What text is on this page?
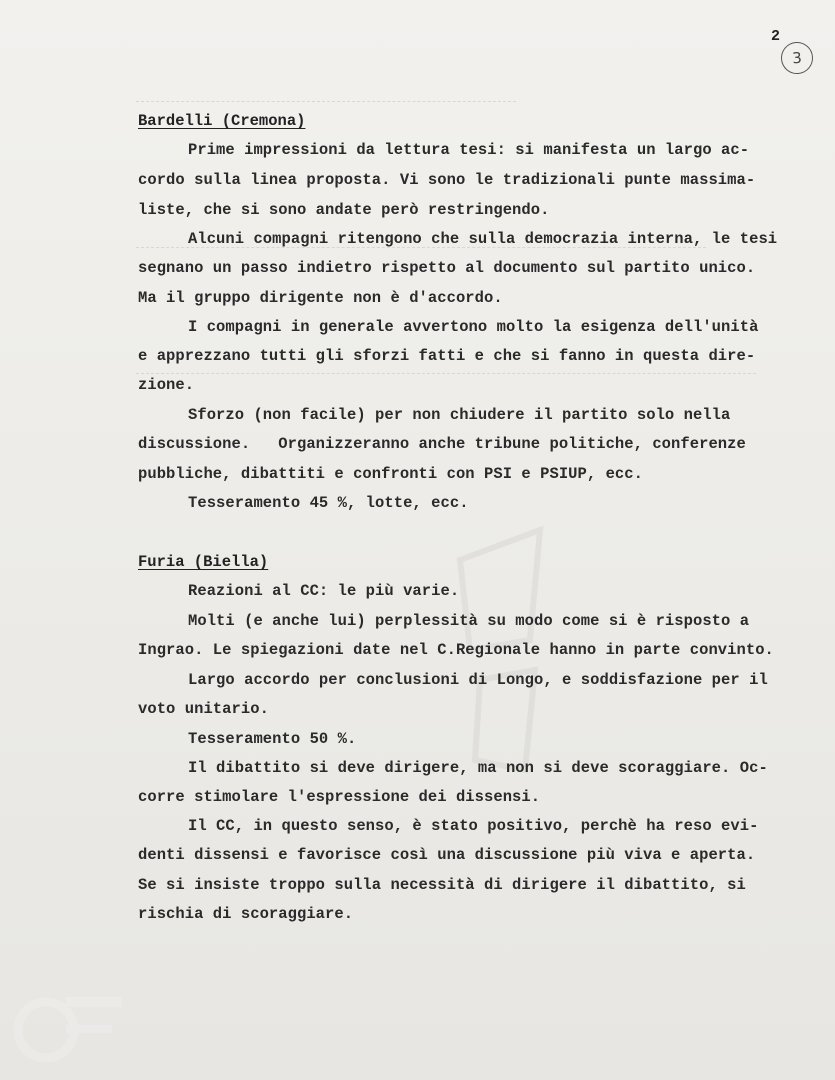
2
3
Bardelli (Cremona)
Prime impressioni da lettura tesi: si manifesta un largo ac-
cordo sulla linea proposta. Vi sono le tradizionali punte massima-
liste, che si sono andate però restringendo.
Alcuni compagni ritengono che sulla democrazia interna, le tesi
segnano un passo indietro rispetto al documento sul partito unico.
Ma il gruppo dirigente non è d'accordo.
I compagni in generale avvertono molto la esigenza dell'unità
e apprezzano tutti gli sforzi fatti e che si fanno in questa dire-
zione.
Sforzo (non facile) per non chiudere il partito solo nella
discussione.   Organizzeranno anche tribune politiche, conferenze
pubbliche, dibattiti e confronti con PSI e PSIUP, ecc.
Tesseramento 45 %, lotte, ecc.
Furia (Biella)
Reazioni al CC: le più varie.
Molti (e anche lui) perplessità su modo come si è risposto a
Ingrao. Le spiegazioni date nel C.Regionale hanno in parte convinto.
Largo accordo per conclusioni di Longo, e soddisfazione per il
voto unitario.
Tesseramento 50 %.
Il dibattito si deve dirigere, ma non si deve scoraggiare. Oc-
corre stimolare l'espressione dei dissensi.
Il CC, in questo senso, è stato positivo, perchè ha reso evi-
denti dissensi e favorisce così una discussione più viva e aperta.
Se si insiste troppo sulla necessità di dirigere il dibattito, si
rischia di scoraggiare.
